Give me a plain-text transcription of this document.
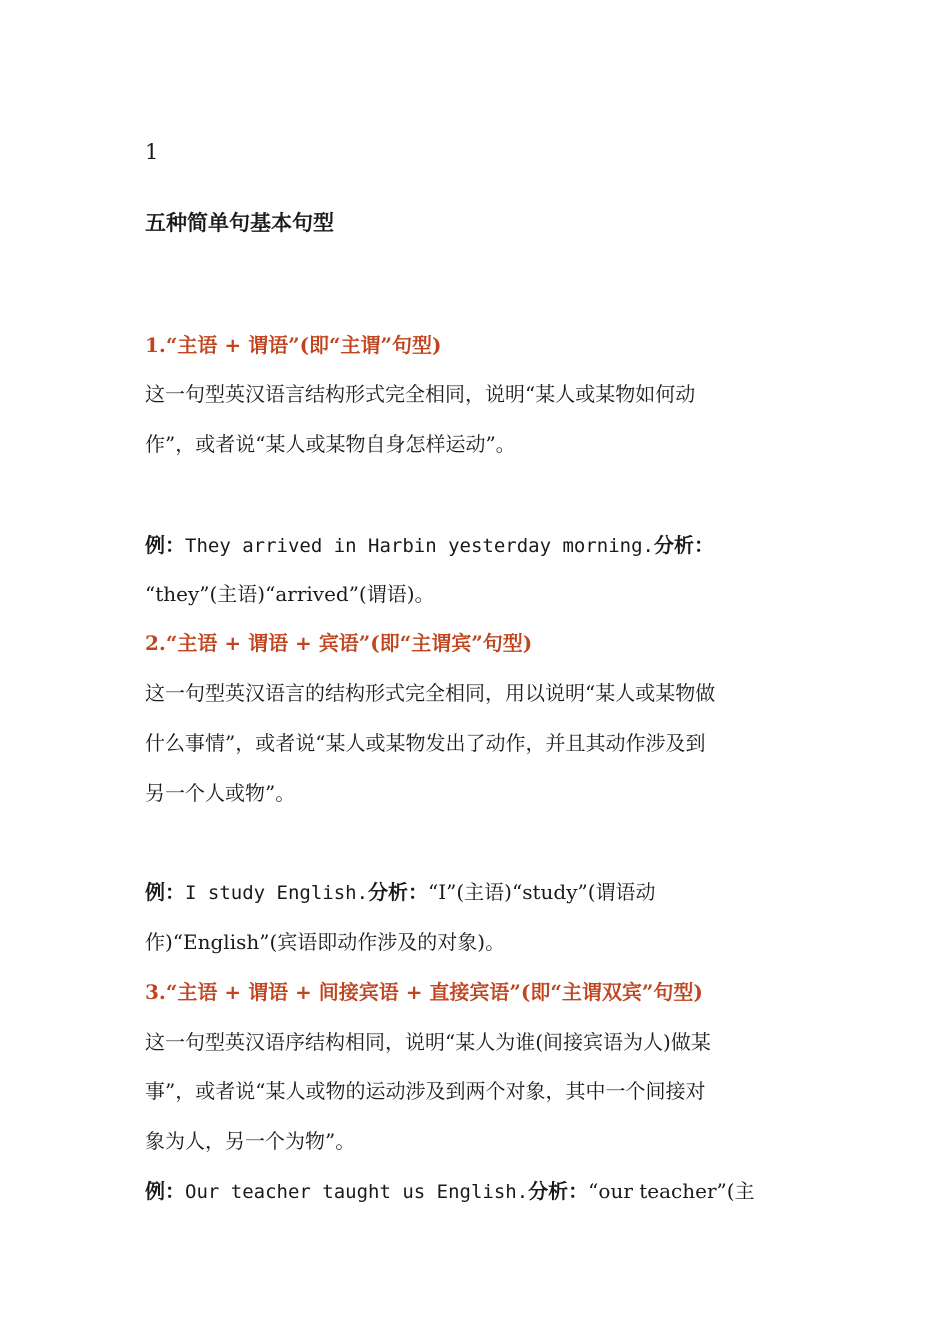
1
五种简单句基本句型
1.“主语 + 谓语”(即“主谓”句型)
这一句型英汉语言结构形式完全相同，说明“某人或某物如何动
作”，或者说“某人或某物自身怎样运动”。
例：They arrived in Harbin yesterday morning.分析：
“they”(主语)“arrived”(谓语)。
2.“主语 + 谓语 + 宾语”(即“主谓宾”句型)
这一句型英汉语言的结构形式完全相同，用以说明“某人或某物做
什么事情”，或者说“某人或某物发出了动作，并且其动作涉及到
另一个人或物”。
例：I study English.分析：“I”(主语)“study”(谓语动
作)“English”(宾语即动作涉及的对象)。
3.“主语 + 谓语 + 间接宾语 + 直接宾语”(即“主谓双宾”句型)
这一句型英汉语序结构相同，说明“某人为谁(间接宾语为人)做某
事”，或者说“某人或物的运动涉及到两个对象，其中一个间接对
象为人，另一个为物”。
例：Our teacher taught us English.分析：“our teacher”(主
